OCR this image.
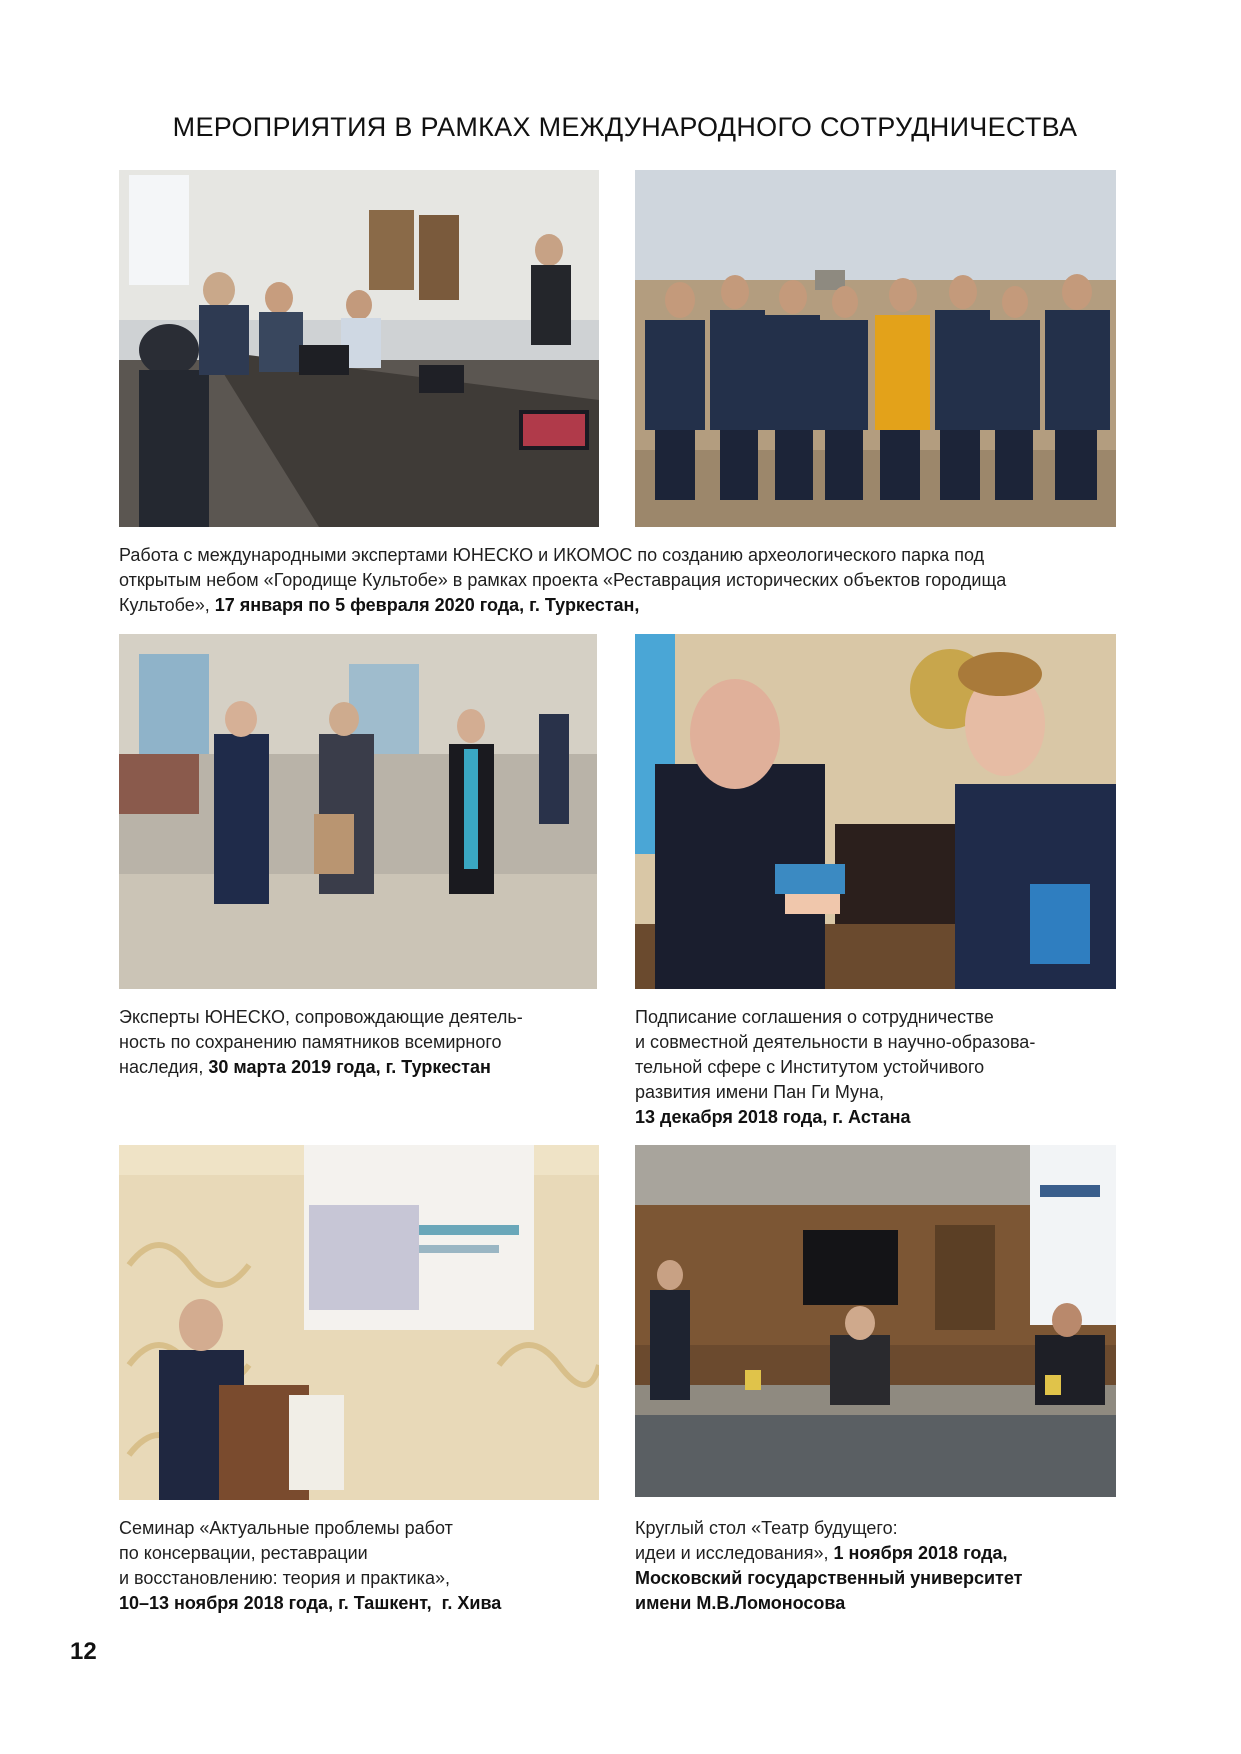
МЕРОПРИЯТИЯ В РАМКАХ МЕЖДУНАРОДНОГО СОТРУДНИЧЕСТВА
Работа с международными экспертами ЮНЕСКО и ИКОМОС по созданию археологического парка под
открытым небом «Городище Культобе» в рамках проекта «Реставрация исторических объектов городища
Культобе», 17 января по 5 февраля 2020 года, г. Туркестан,
Эксперты ЮНЕСКО, сопровождающие деятель-
ность по сохранению памятников всемирного
наследия, 30 марта 2019 года, г. Туркестан
Подписание соглашения о сотрудничестве
и совместной деятельности в научно-образова-
тельной сфере с Институтом устойчивого
развития имени Пан Ги Муна,
13 декабря 2018 года, г. Астана
Семинар «Актуальные проблемы работ
по консервации, реставрации
и восстановлению: теория и практика»,
10–13 ноября 2018 года, г. Ташкент,  г. Хива
Круглый стол «Театр будущего:
идеи и исследования», 1 ноября 2018 года,
Московский государственный университет
имени М.В.Ломоносова
12
